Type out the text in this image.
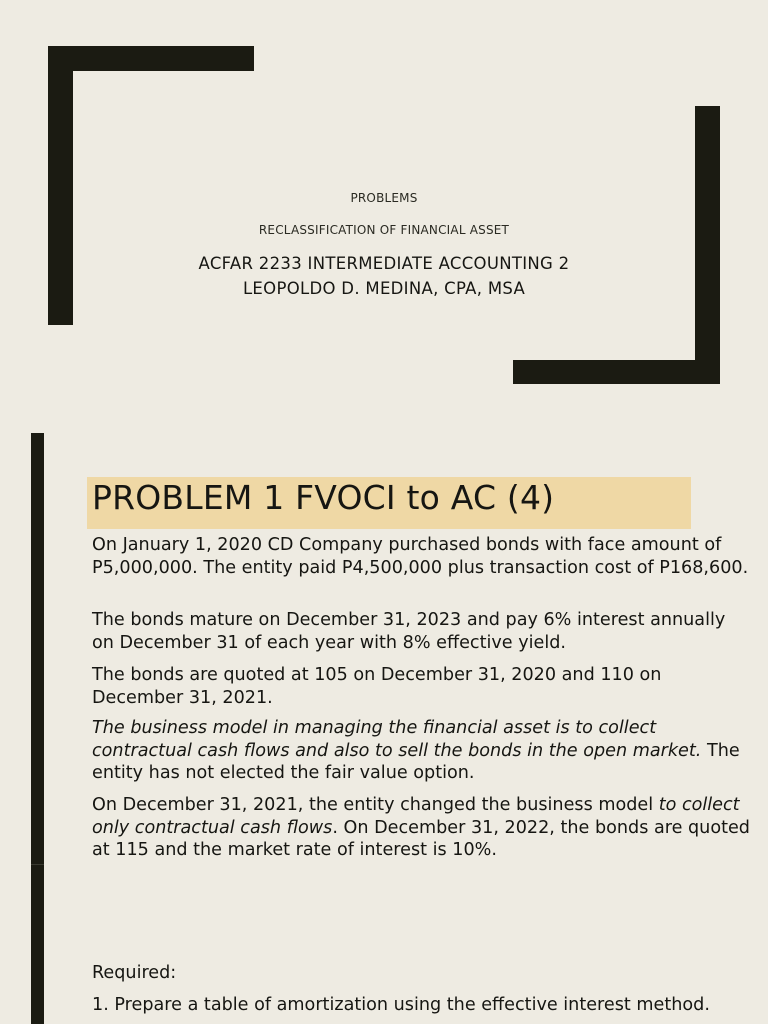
PROBLEMS
RECLASSIFICATION OF FINANCIAL ASSET
ACFAR 2233 INTERMEDIATE ACCOUNTING 2
LEOPOLDO D. MEDINA, CPA, MSA
PROBLEM 1 FVOCI to AC (4)

On January 1, 2020 CD Company purchased bonds with face amount of P5,000,000. The entity paid P4,500,000 plus transaction cost of P168,600.

The bonds mature on December 31, 2023 and pay 6% interest annually on December 31 of each year with 8% effective yield.

The bonds are quoted at 105 on December 31, 2020 and 110 on December 31, 2021.

The business model in managing the financial asset is to collect contractual cash flows and also to sell the bonds in the open market. The entity has not elected the fair value option.

On December 31, 2021, the entity changed the business model to collect only contractual cash flows. On December 31, 2022, the bonds are quoted at 115 and the market rate of interest is 10%.

Required:
1. Prepare a table of amortization using the effective interest method.
